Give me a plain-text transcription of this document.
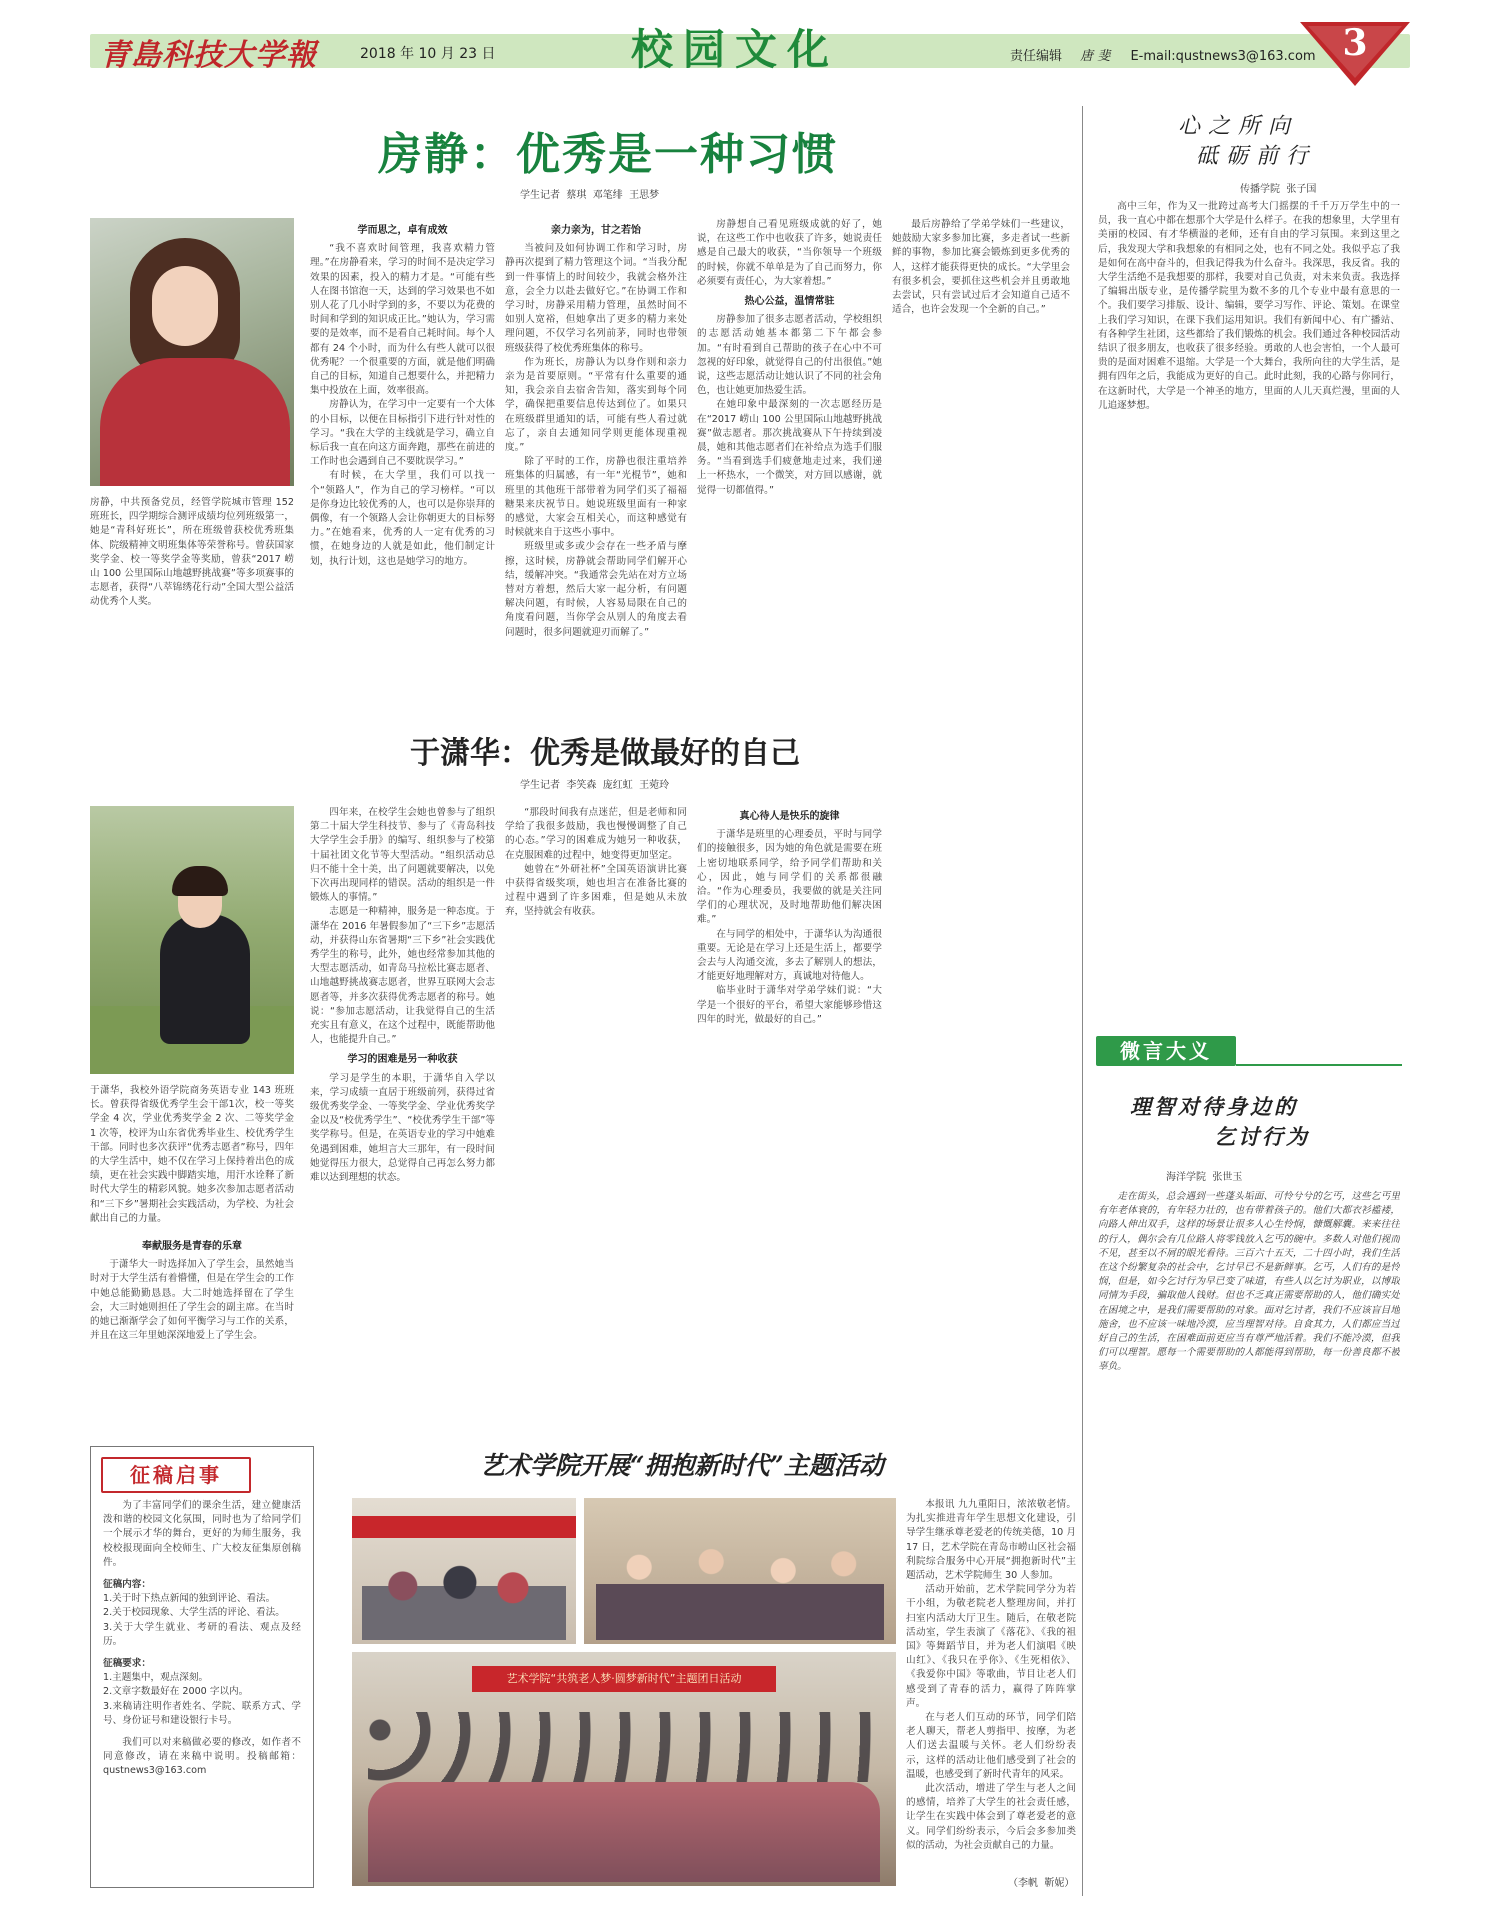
青島科技大学報	2018 年 10 月 23 日	校园文化	责任编辑 唐 斐 E-mail:qustnews3@163.com 3
房静：优秀是一种习惯
学生记者  蔡琪  邓笔绯  王思梦
房静，中共预备党员，经管学院城市管理 152 班班长，四学期综合测评成绩均位列班级第一，她是“青科好班长”，所在班级曾获校优秀班集体、院级精神文明班集体等荣誉称号。曾获国家奖学金、校一等奖学金等奖励，曾获“2017 崂山 100 公里国际山地越野挑战赛”等多项赛事的志愿者，获得“八萃锦绣花行动”全国大型公益活动优秀个人奖。
学而思之，卓有成效
“我不喜欢时间管理，我喜欢精力管理。”在房静看来，学习的时间不是决定学习效果的因素，投入的精力才是。“可能有些人在图书馆泡一天，达到的学习效果也不如别人花了几小时学到的多，不要以为花费的时间和学到的知识成正比。”她认为，学习需要的是效率，而不是看自己耗时间。每个人都有 24 个小时，而为什么有些人就可以很优秀呢？一个很重要的方面，就是他们明确自己的目标，知道自己想要什么，并把精力集中投放在上面，效率很高。
房静认为，在学习中一定要有一个大体的小目标，以便在目标指引下进行针对性的学习。“我在大学的主线就是学习，确立自标后我一直在向这方面奔跑，那些在前进的工作时也会遇到自己不要眈误学习。”
有时候，在大学里，我们可以找一个“领路人”，作为自己的学习榜样。“可以是你身边比较优秀的人，也可以是你崇拜的偶像，有一个领路人会让你朝更大的目标努力。”在她看来，优秀的人一定有优秀的习惯，在她身边的人就是如此，他们制定计划，执行计划，这也是她学习的地方。
亲力亲为，甘之若饴
当被问及如何协调工作和学习时，房静再次提到了精力管理这个词。“当我分配到一件事情上的时间较少，我就会格外注意，会全力以赴去做好它。”在协调工作和学习时，房静采用精力管理，虽然时间不如别人宽裕，但她拿出了更多的精力来处理问题，不仅学习名列前茅，同时也带领班级获得了校优秀班集体的称号。
作为班长，房静认为以身作则和亲力亲为是首要原则。“平常有什么重要的通知，我会亲自去宿舍告知，落实到每个同学，确保把重要信息传达到位了。如果只在班级群里通知的话，可能有些人看过就忘了，亲自去通知同学则更能体现重视度。”
除了平时的工作，房静也很注重培养班集体的归属感，有一年“光棍节”，她和班里的其他班干部带着为同学们买了福福糖果来庆祝节日。她说班级里面有一种家的感觉，大家会互相关心，而这种感觉有时候就来自于这些小事中。
班级里或多或少会存在一些矛盾与摩擦，这时候，房静就会帮助同学们解开心结，缓解冲突。“我通常会先站在对方立场替对方着想，然后大家一起分析，有问题解决问题，有时候，人容易局限在自己的角度看问题，当你学会从别人的角度去看问题时，很多问题就迎刃而解了。”
房静想自己看见班级成就的好了，她说，在这些工作中也收获了许多，她说责任感是自己最大的收获，“当你领导一个班级的时候，你就不单单是为了自己而努力，你必须要有责任心，为大家着想。”
热心公益，温情常驻
房静参加了很多志愿者活动，学校组织的志愿活动她基本都第二下午都会参加。“有时看到自己帮助的孩子在心中不可忽视的好印象，就觉得自己的付出很值。”她说，这些志愿活动让她认识了不同的社会角色，也让她更加热爱生活。
在她印象中最深刻的一次志愿经历是在“2017 崂山 100 公里国际山地越野挑战赛”做志愿者。那次挑战赛从下午持续到凌晨，她和其他志愿者们在补给点为选手们服务。“当看到选手们疲惫地走过来，我们递上一杯热水，一个微笑，对方回以感谢，就觉得一切都值得。”
最后房静给了学弟学妹们一些建议，她鼓励大家多参加比赛，多走者试一些新鲜的事物，参加比赛会锻炼到更多优秀的人，这样才能获得更快的成长。“大学里会有很多机会，要抓住这些机会并且勇敢地去尝试，只有尝试过后才会知道自己适不适合，也许会发现一个全新的自己。”
于潇华：优秀是做最好的自己
学生记者  李笑森  庞红虹  王菀玲
于潇华，我校外语学院商务英语专业 143 班班长。曾获得省级优秀学生会干部1次，校一等奖学金 4 次，学业优秀奖学金 2 次、二等奖学金 1 次等，校评为山东省优秀毕业生、校优秀学生干部。同时也多次获评“优秀志愿者”称号，四年的大学生活中，她不仅在学习上保持着出色的成绩，更在社会实践中脚踏实地，用汗水诠释了新时代大学生的精彩风貌。她多次参加志愿者活动和“三下乡”暑期社会实践活动，为学校、为社会献出自己的力量。
奉献服务是青春的乐章
于潇华大一时选择加入了学生会，虽然她当时对于大学生活有着懵懂，但是在学生会的工作中她总能勤勤恳恳。大二时她选择留在了学生会，大三时她则担任了学生会的副主席。在当时的她已渐渐学会了如何平衡学习与工作的关系，并且在这三年里她深深地爱上了学生会。
四年来，在校学生会她也曾参与了组织第二十届大学生科技节、参与了《青岛科技大学学生会手册》的编写、组织参与了校第十届社团文化节等大型活动。“组织活动总归不能十全十美，出了问题就要解决，以免下次再出现同样的错误。活动的组织是一件锻炼人的事情。”
志愿是一种精神，服务是一种态度。于潇华在 2016 年暑假参加了“三下乡”志愿活动，并获得山东省暑期“三下乡”社会实践优秀学生的称号，此外，她也经常参加其他的大型志愿活动，如青岛马拉松比赛志愿者、山地越野挑战赛志愿者，世界互联网大会志愿者等，并多次获得优秀志愿者的称号。她说：“参加志愿活动，让我觉得自己的生活充实且有意义，在这个过程中，既能帮助他人，也能提升自己。”
学习的困难是另一种收获
学习是学生的本职，于潇华自入学以来，学习成绩一直居于班级前列，获得过省级优秀奖学金、一等奖学金、学业优秀奖学金以及“校优秀学生”、“校优秀学生干部”等奖学称号。但是，在英语专业的学习中她难免遇到困难，她坦言大三那年，有一段时间她觉得压力很大，总觉得自己再怎么努力都难以达到理想的状态。
“那段时间我有点迷茫，但是老师和同学给了我很多鼓励，我也慢慢调整了自己的心态。”学习的困难成为她另一种收获，在克服困难的过程中，她变得更加坚定。
她曾在“外研社杯”全国英语演讲比赛中获得省级奖项，她也坦言在准备比赛的过程中遇到了许多困难，但是她从未放弃，坚持就会有收获。
真心待人是快乐的旋律
于潇华是班里的心理委员，平时与同学们的接触很多，因为她的角色就是需要在班上密切地联系同学，给予同学们帮助和关心，因此，她与同学们的关系都很融洽。“作为心理委员，我要做的就是关注同学们的心理状况，及时地帮助他们解决困难。”
在与同学的相处中，于潇华认为沟通很重要。无论是在学习上还是生活上，都要学会去与人沟通交流，多去了解别人的想法，才能更好地理解对方，真诚地对待他人。
临毕业时于潇华对学弟学妹们说：“大学是一个很好的平台，希望大家能够珍惜这四年的时光，做最好的自己。”
心之所向
砥砺前行
传播学院  张子国
高中三年，作为又一批跨过高考大门摇摆的千千万万学生中的一员，我一直心中都在想那个大学是什么样子。在我的想象里，大学里有美丽的校园、有才华横溢的老师，还有自由的学习氛围。来到这里之后，我发现大学和我想象的有相同之处，也有不同之处。我似乎忘了我是如何在高中奋斗的，但我记得我为什么奋斗。我深思，我反省。我的大学生活绝不是我想要的那样，我要对自己负责，对未来负责。我选择了编辑出版专业，是传播学院里为数不多的几个专业中最有意思的一个。我们要学习排版、设计、编辑，要学习写作、评论、策划。在课堂上我们学习知识，在课下我们运用知识。我们有新闻中心、有广播站、有各种学生社团，这些都给了我们锻炼的机会。我们通过各种校园活动结识了很多朋友，也收获了很多经验。勇敢的人也会害怕，一个人最可贵的是面对困难不退缩。大学是一个大舞台，我所向往的大学生活，是拥有四年之后，我能成为更好的自己。此时此刻，我的心路与你同行，在这新时代，大学是一个神圣的地方，里面的人儿天真烂漫，里面的人儿追逐梦想。
微言大义
理智对待身边的
乞讨行为
海洋学院  张世玉
走在街头，总会遇到一些蓬头垢面、可怜兮兮的乞丐，这些乞丐里有年老体衰的，有年轻力壮的，也有带着孩子的。他们大都衣衫褴褛，向路人伸出双手，这样的场景让很多人心生怜悯，慷慨解囊。来来往往的行人，偶尔会有几位路人将零钱放入乞丐的碗中。多数人对他们视而不见，甚至以不屑的眼光看待。三百六十五天，二十四小时，我们生活在这个纷繁复杂的社会中，乞讨早已不是新鲜事。乞丐，人们有的是怜悯，但是，如今乞讨行为早已变了味道，有些人以乞讨为职业，以博取同情为手段，骗取他人钱财。但也不乏真正需要帮助的人，他们确实处在困境之中，是我们需要帮助的对象。面对乞讨者，我们不应该盲目地施舍，也不应该一味地冷漠，应当理智对待。自食其力，人们都应当过好自己的生活，在困难面前更应当有尊严地活着。我们不能冷漠，但我们可以理智。愿每一个需要帮助的人都能得到帮助，每一份善良都不被辜负。
征稿启事
为了丰富同学们的课余生活，建立健康活泼和谐的校园文化氛围，同时也为了给同学们一个展示才华的舞台，更好的为师生服务，我校校报现面向全校师生、广大校友征集原创稿件。
征稿内容：
1.关于时下热点新闻的独到评论、看法。
2.关于校园现象、大学生活的评论、看法。
3.关于大学生就业、考研的看法、观点及经历。
征稿要求：
1.主题集中，观点深刻。
2.文章字数最好在 2000 字以内。
3.来稿请注明作者姓名、学院、联系方式、学号、身份证号和建设银行卡号。
我们可以对来稿做必要的修改，如作者不同意修改，请在来稿中说明。投稿邮箱：qustnews3@163.com
艺术学院开展“拥抱新时代”主题活动
艺术学院“共筑老人梦·圆梦新时代”主题团日活动
本报讯 九九重阳日，浓浓敬老情。为扎实推进青年学生思想文化建设，引导学生继承尊老爱老的传统美德，10 月 17 日，艺术学院在青岛市崂山区社会福利院综合服务中心开展“拥抱新时代”主题活动，艺术学院师生 30 人参加。
活动开始前，艺术学院同学分为若干小组，为敬老院老人整理房间，并打扫室内活动大厅卫生。随后，在敬老院活动室，学生表演了《落花》、《我的祖国》等舞蹈节目，并为老人们演唱《映山红》、《我只在乎你》、《生死相依》、《我爱你中国》等歌曲，节目让老人们感受到了青春的活力，赢得了阵阵掌声。
在与老人们互动的环节，同学们陪老人聊天，帮老人剪指甲、按摩，为老人们送去温暖与关怀。老人们纷纷表示，这样的活动让他们感受到了社会的温暖，也感受到了新时代青年的风采。
此次活动，增进了学生与老人之间的感情，培养了大学生的社会责任感，让学生在实践中体会到了尊老爱老的意义。同学们纷纷表示，今后会多参加类似的活动，为社会贡献自己的力量。
（李帆  靳妮）
